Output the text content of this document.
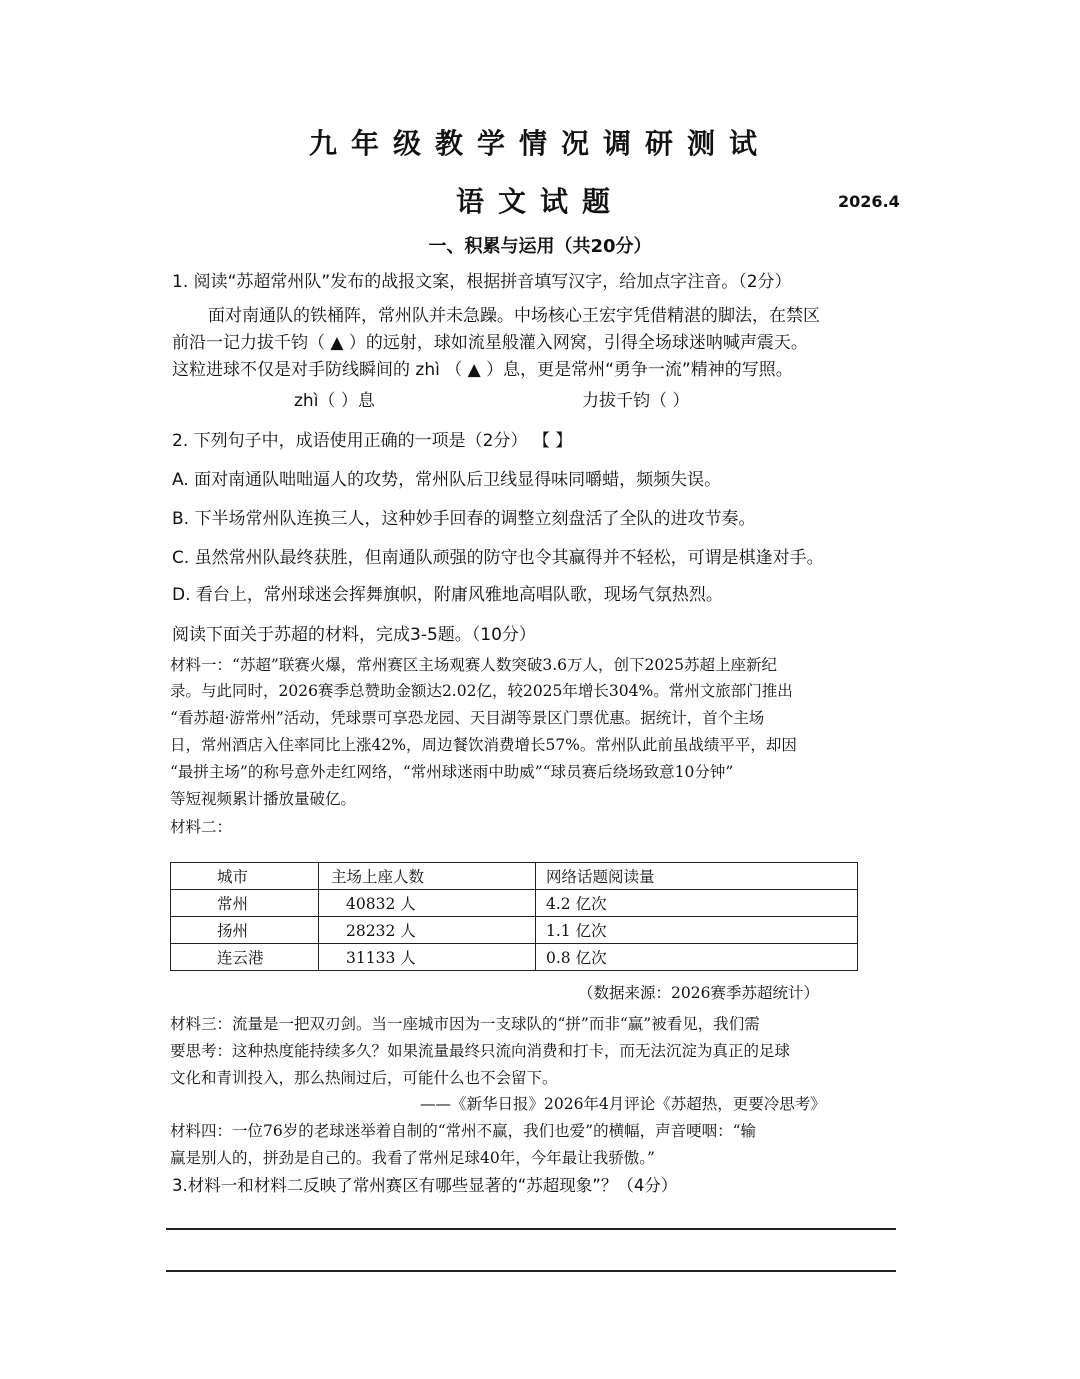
九年级教学情况调研测试
语文试题	2026.4
一、积累与运用（共20分）
1. 阅读“苏超常州队”发布的战报文案，根据拼音填写汉字，给加点字注音。（2分）
面对南通队的铁桶阵，常州队并未急躁。中场核心王宏宇凭借精湛的脚法，在禁区
前沿一记力拔千钧（ ▲ ）的远射，球如流星般灌入网窝，引得全场球迷呐喊声震天。
这粒进球不仅是对手防线瞬间的 zhì （ ▲ ）息，更是常州“勇争一流”精神的写照。
zhì（ ）息	力拔千钧（ ）
2. 下列句子中，成语使用正确的一项是（2分） 【 】
A. 面对南通队咄咄逼人的攻势，常州队后卫线显得味同嚼蜡，频频失误。
B. 下半场常州队连换三人，这种妙手回春的调整立刻盘活了全队的进攻节奏。
C. 虽然常州队最终获胜，但南通队顽强的防守也令其赢得并不轻松，可谓是棋逢对手。
D. 看台上，常州球迷会挥舞旗帜，附庸风雅地高唱队歌，现场气氛热烈。
阅读下面关于苏超的材料，完成3-5题。（10分）
材料一：“苏超”联赛火爆，常州赛区主场观赛人数突破3.6万人，创下2025苏超上座新纪
录。与此同时，2026赛季总赞助金额达2.02亿，较2025年增长304%。常州文旅部门推出
“看苏超·游常州”活动，凭球票可享恐龙园、天目湖等景区门票优惠。据统计，首个主场
日，常州酒店入住率同比上涨42%，周边餐饮消费增长57%。常州队此前虽战绩平平，却因
“最拼主场”的称号意外走红网络，“常州球迷雨中助威”“球员赛后绕场致意10分钟”
等短视频累计播放量破亿。
材料二：
城市	主场上座人数	网络话题阅读量
常州	40832 人	4.2 亿次
扬州	28232 人	1.1 亿次
连云港	31133 人	0.8 亿次
（数据来源：2026赛季苏超统计）
材料三：流量是一把双刃剑。当一座城市因为一支球队的“拼”而非“赢”被看见，我们需
要思考：这种热度能持续多久？如果流量最终只流向消费和打卡，而无法沉淀为真正的足球
文化和青训投入，那么热闹过后，可能什么也不会留下。
——《新华日报》2026年4月评论《苏超热，更要冷思考》
材料四：一位76岁的老球迷举着自制的“常州不赢，我们也爱”的横幅，声音哽咽：“输
赢是别人的，拼劲是自己的。我看了常州足球40年，今年最让我骄傲。”
3.材料一和材料二反映了常州赛区有哪些显著的“苏超现象”？（4分）
